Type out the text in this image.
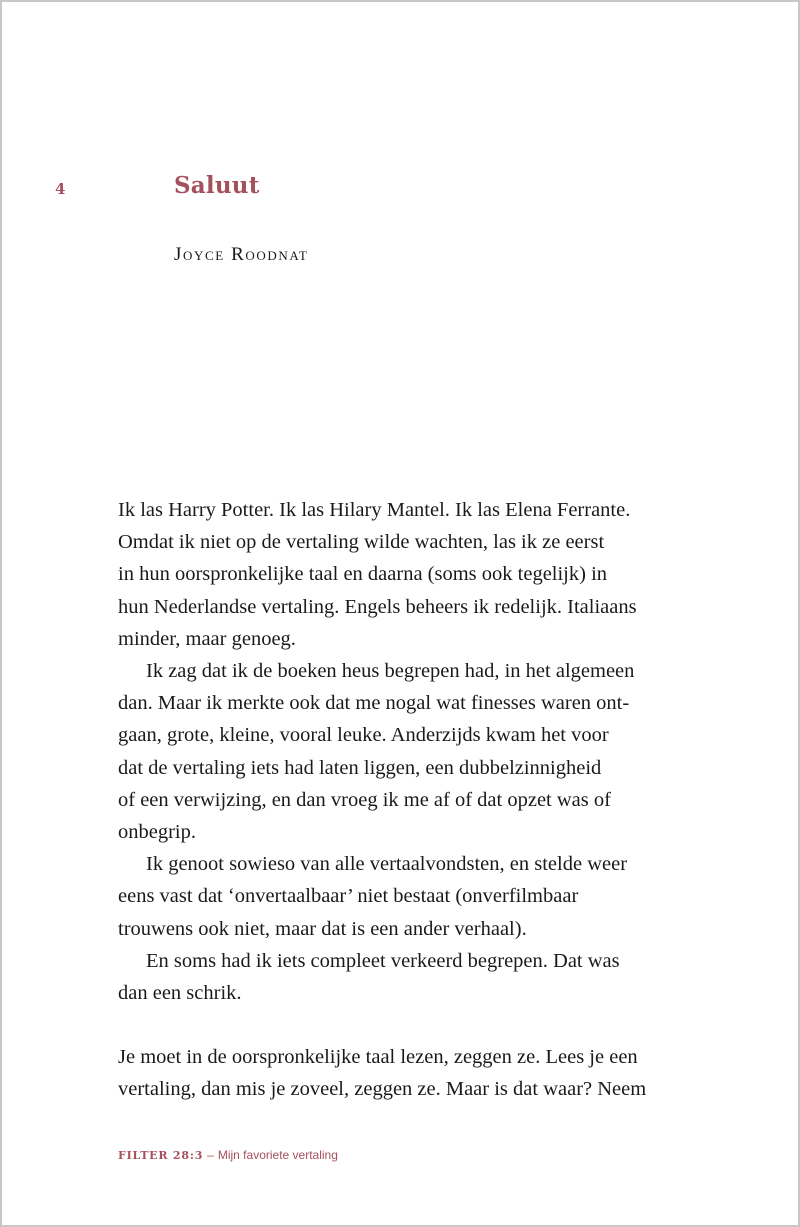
4	Saluut
Joyce Roodnat

Ik las Harry Potter. Ik las Hilary Mantel. Ik las Elena Ferrante.
Omdat ik niet op de vertaling wilde wachten, las ik ze eerst
in hun oorspronkelijke taal en daarna (soms ook tegelijk) in
hun Nederlandse vertaling. Engels beheers ik redelijk. Italiaans
minder, maar genoeg.

Ik zag dat ik de boeken heus begrepen had, in het algemeen
dan. Maar ik merkte ook dat me nogal wat finesses waren ont-
gaan, grote, kleine, vooral leuke. Anderzijds kwam het voor
dat de vertaling iets had laten liggen, een dubbelzinnigheid
of een verwijzing, en dan vroeg ik me af of dat opzet was of
onbegrip.

Ik genoot sowieso van alle vertaalvondsten, en stelde weer
eens vast dat ‘onvertaalbaar’ niet bestaat (onverfilmbaar
trouwens ook niet, maar dat is een ander verhaal).

En soms had ik iets compleet verkeerd begrepen. Dat was
dan een schrik.

Je moet in de oorspronkelijke taal lezen, zeggen ze. Lees je een
vertaling, dan mis je zoveel, zeggen ze. Maar is dat waar? Neem

FILTER 28:3 – Mijn favoriete vertaling
